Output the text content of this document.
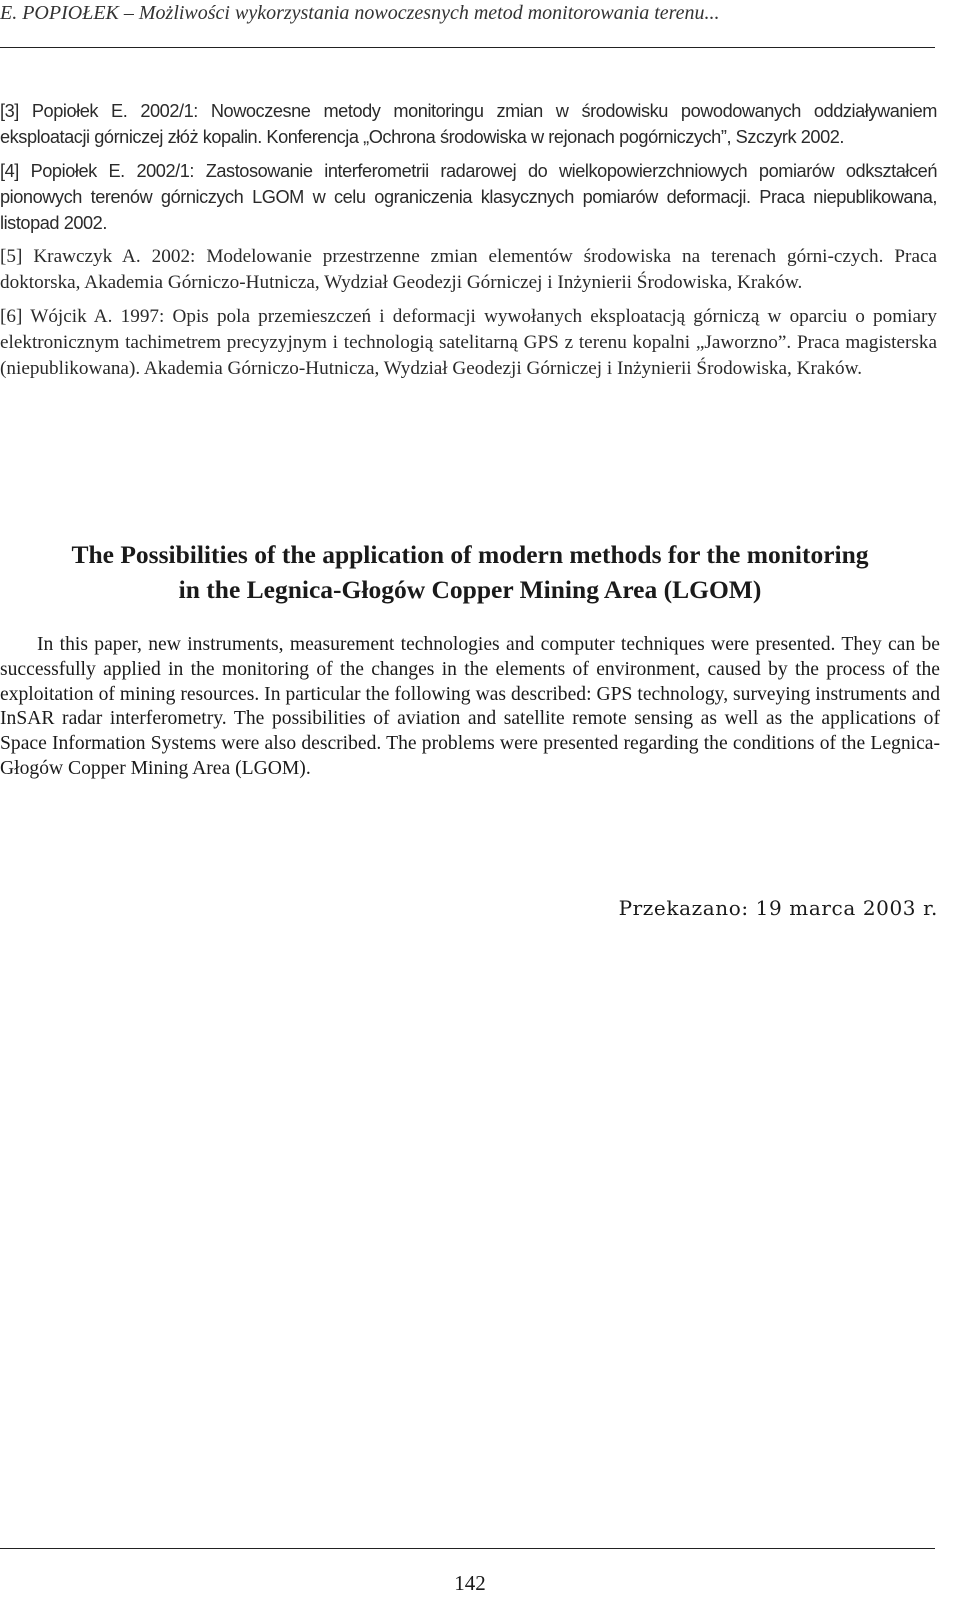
E. POPIOŁEK – Możliwości wykorzystania nowoczesnych metod monitorowania terenu...

[3] Popiołek E. 2002/1: Nowoczesne metody monitoringu zmian w środowisku powodowanych oddziaływaniem eksploatacji górniczej złóż kopalin. Konferencja „Ochrona środowiska w rejonach pogórniczych”, Szczyrk 2002.

[4] Popiołek E. 2002/1: Zastosowanie interferometrii radarowej do wielkopowierzchniowych pomiarów odkształceń pionowych terenów górniczych LGOM w celu ograniczenia klasycznych pomiarów deformacji. Praca niepublikowana, listopad 2002.

[5] Krawczyk A. 2002: Modelowanie przestrzenne zmian elementów środowiska na terenach górni-czych. Praca doktorska, Akademia Górniczo-Hutnicza, Wydział Geodezji Górniczej i Inżynierii Środowiska, Kraków.

[6] Wójcik A. 1997: Opis pola przemieszczeń i deformacji wywołanych eksploatacją górniczą w oparciu o pomiary elektronicznym tachimetrem precyzyjnym i technologią satelitarną GPS z terenu kopalni „Jaworzno”. Praca magisterska (niepublikowana). Akademia Górniczo-Hutnicza, Wydział Geodezji Górniczej i Inżynierii Środowiska, Kraków.

The Possibilities of the application of modern methods for the monitoring
in the Legnica-Głogów Copper Mining Area (LGOM)

In this paper, new instruments, measurement technologies and computer techniques were presented. They can be successfully applied in the monitoring of the changes in the elements of environment, caused by the process of the exploitation of mining resources. In particular the following was described: GPS technology, surveying instruments and InSAR radar interferometry. The possibilities of aviation and satellite remote sensing as well as the applications of Space Information Systems were also described. The problems were presented regarding the conditions of the Legnica-Głogów Copper Mining Area (LGOM).

Przekazano: 19 marca 2003 r.
142
